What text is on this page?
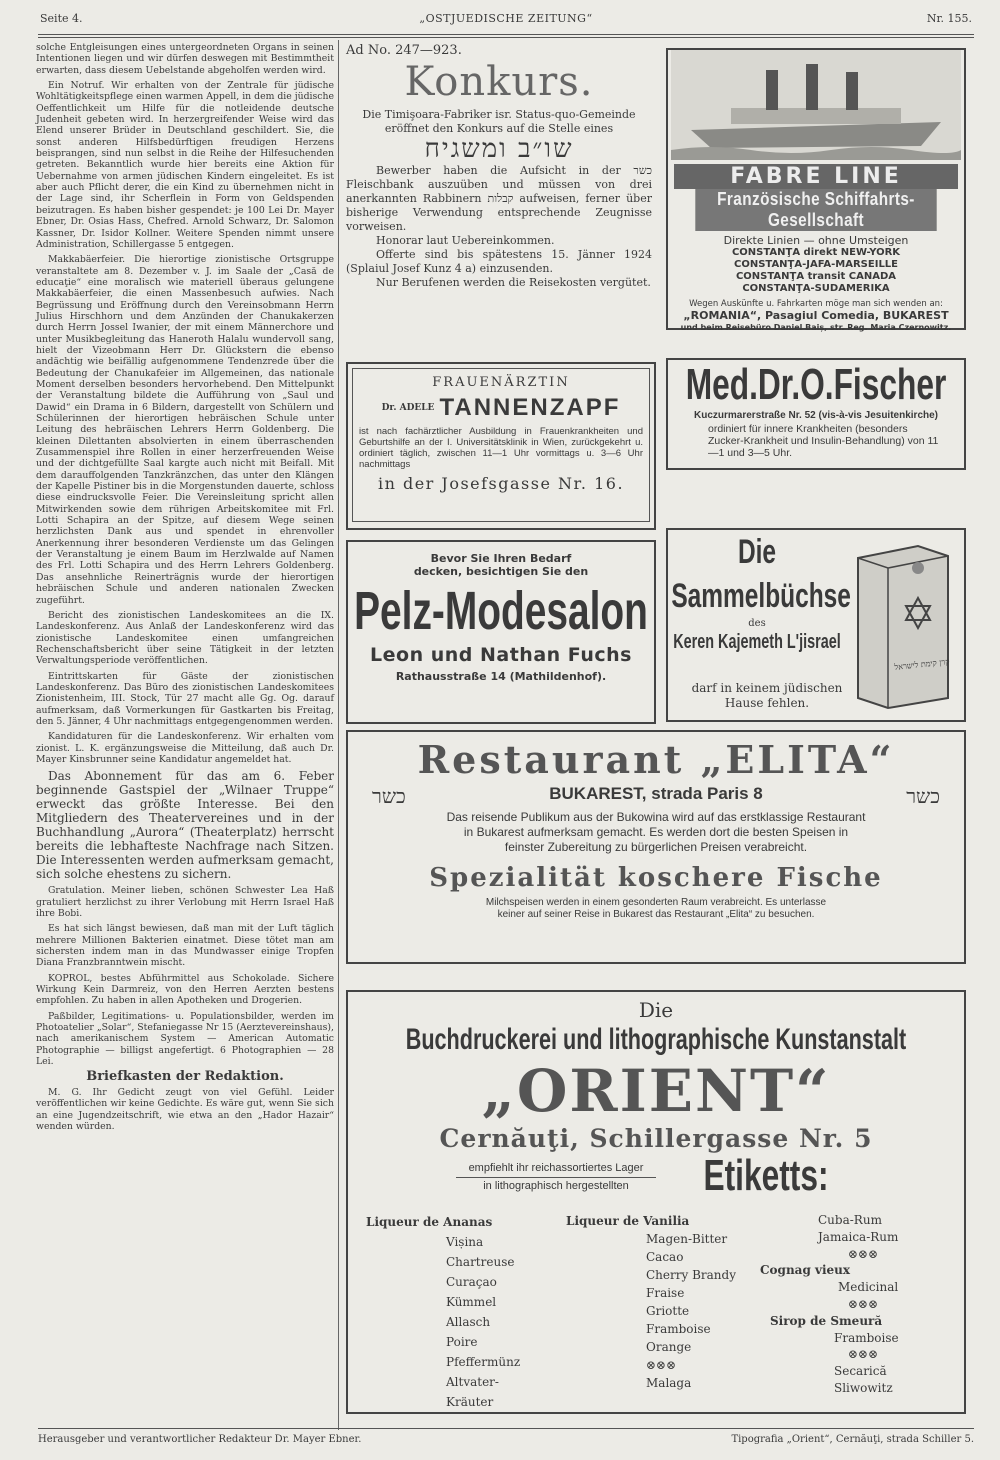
Seite 4.	„OSTJUEDISCHE ZEITUNG“	Nr. 155.

solche Entgleisungen eines untergeordneten Organs in seinen Intentionen liegen und wir dürfen deswegen mit Bestimmtheit erwarten, dass diesem Uebelstande abgeholfen werden wird.

Ein Notruf. Wir erhalten von der Zentrale für jüdische Wohltätigkeitspflege einen warmen Appell, in dem die jüdische Oeffentlichkeit um Hilfe für die notleidende deutsche Judenheit gebeten wird. In herzergreifender Weise wird das Elend unserer Brüder in Deutschland geschildert. Sie, die sonst anderen Hilfsbedürftigen freudigen Herzens beisprangen, sind nun selbst in die Reihe der Hilfesuchenden getreten. Bekanntlich wurde hier bereits eine Aktion für Uebernahme von armen jüdischen Kindern eingeleitet. Es ist aber auch Pflicht derer, die ein Kind zu übernehmen nicht in der Lage sind, ihr Scherflein in Form von Geldspenden beizutragen. Es haben bisher gespendet: je 100 Lei Dr. Mayer Ebner, Dr. Osias Hass, Chefred. Arnold Schwarz, Dr. Salomon Kassner, Dr. Isidor Kollner. Weitere Spenden nimmt unsere Administration, Schillergasse 5 entgegen.

Makkabäerfeier. Die hierortige zionistische Ortsgruppe veranstaltete am 8. Dezember v. J. im Saale der „Casă de educaţie“ eine moralisch wie materiell überaus gelungene Makkabäerfeier, die einen Massenbesuch aufwies. Nach Begrüssung und Eröffnung durch den Vereinsobmann Herrn Julius Hirschhorn und dem Anzünden der Chanukakerzen durch Herrn Jossel Iwanier, der mit einem Männerchore und unter Musikbegleitung das Haneroth Halalu wundervoll sang, hielt der Vizeobmann Herr Dr. Glückstern die ebenso andächtig wie beifällig aufgenommene Tendenzrede über die Bedeutung der Chanukafeier im Allgemeinen, das nationale Moment derselben besonders hervorhebend. Den Mittelpunkt der Veranstaltung bildete die Aufführung von „Saul und Dawid“ ein Drama in 6 Bildern, dargestellt von Schülern und Schülerinnen der hierortigen hebräischen Schule unter Leitung des hebräischen Lehrers Herrn Goldenberg. Die kleinen Dilettanten absolvierten in einem überraschenden Zusammenspiel ihre Rollen in einer herzerfreuenden Weise und der dichtgefüllte Saal kargte auch nicht mit Beifall. Mit dem darauffolgenden Tanzkränzchen, das unter den Klängen der Kapelle Pistiner bis in die Morgenstunden dauerte, schloss diese eindrucksvolle Feier. Die Vereinsleitung spricht allen Mitwirkenden sowie dem rührigen Arbeitskomitee mit Frl. Lotti Schapira an der Spitze, auf diesem Wege seinen herzlichsten Dank aus und spendet in ehrenvoller Anerkennung ihrer besonderen Verdienste um das Gelingen der Veranstaltung je einem Baum im Herzlwalde auf Namen des Frl. Lotti Schapira und des Herrn Lehrers Goldenberg. Das ansehnliche Reinerträgnis wurde der hierortigen hebräischen Schule und anderen nationalen Zwecken zugeführt.

Bericht des zionistischen Landeskomitees an die IX. Landeskonferenz. Aus Anlaß der Landeskonferenz wird das zionistische Landeskomitee einen umfangreichen Rechenschaftsbericht über seine Tätigkeit in der letzten Verwaltungsperiode veröffentlichen.

Eintrittskarten für Gäste der zionistischen Landeskonferenz. Das Büro des zionistischen Landeskomitees Zionistenheim, III. Stock, Tür 27 macht alle Gg. Og. darauf aufmerksam, daß Vormerkungen für Gastkarten bis Freitag, den 5. Jänner, 4 Uhr nachmittags entgegengenommen werden.

Kandidaturen für die Landeskonferenz. Wir erhalten vom zionist. L. K. ergänzungsweise die Mitteilung, daß auch Dr. Mayer Kinsbrunner seine Kandidatur angemeldet hat.

Das Abonnement für das am 6. Feber beginnende Gastspiel der „Wilnaer Truppe“ erweckt das größte Interesse. Bei den Mitgliedern des Theatervereines und in der Buchhandlung „Aurora“ (Theaterplatz) herrscht bereits die lebhafteste Nachfrage nach Sitzen. Die Interessenten werden aufmerksam gemacht, sich solche ehestens zu sichern.

Gratulation. Meiner lieben, schönen Schwester Lea Haß gratuliert herzlichst zu ihrer Verlobung mit Herrn Israel Haß ihre Bobi.

Es hat sich längst bewiesen, daß man mit der Luft täglich mehrere Millionen Bakterien einatmet. Diese tötet man am sichersten indem man in das Mundwasser einige Tropfen Diana Franzbranntwein mischt.

KOPROL, bestes Abführmittel aus Schokolade. Sichere Wirkung Kein Darmreiz, von den Herren Aerzten bestens empfohlen. Zu haben in allen Apotheken und Drogerien.

Paßbilder, Legitimations- u. Populationsbilder, werden im Photoatelier „Solar“, Stefaniegasse Nr 15 (Aerztevereinshaus), nach amerikanischem System — American Automatic Photographie — billigst angefertigt. 6 Photographien — 28 Lei.

Briefkasten der Redaktion.

M. G. Ihr Gedicht zeugt von viel Gefühl. Leider veröffentlichen wir keine Gedichte. Es wäre gut, wenn Sie sich an eine Jugendzeitschrift, wie etwa an den „Hador Hazair“ wenden würden.

Ad No. 247—923.
Konkurs.

Die Timişoara-Fabriker isr. Status-quo-Gemeinde eröffnet den Konkurs auf die Stelle eines

שו״ב ומשגיח

Bewerber haben die Aufsicht in der כשר Fleischbank auszuüben und müssen von drei anerkannten Rabbinern קבלות aufweisen, ferner über bisherige Verwendung entsprechende Zeugnisse vorweisen.

Honorar laut Uebereinkommen.

Offerte sind bis spätestens 15. Jänner 1924 (Splaiul Josef Kunz 4 a) einzusenden.

Nur Berufenen werden die Reisekosten vergütet.

FABRE LINE
Französische Schiffahrts-Gesellschaft
Direkte Linien — ohne Umsteigen
CONSTANŢA direkt NEW-YORK
CONSTANŢA-JAFA-MARSEILLE
CONSTANŢA transit CANADA
CONSTANŢA-SUDAMERIKA
Wegen Auskünfte u. Fahrkarten möge man sich wenden an:
„ROMANIA“, Pasagiul Comedia, BUKAREST
und beim Reisebüro Daniel Baiș, str. Reg. Maria Czernowitz.
FRAUENÄRZTIN
Dr. ADELE TANNENZAPF
ist nach fachärztlicher Ausbildung in Frauenkrankheiten und Geburtshilfe an der I. Universitätsklinik in Wien, zurückgekehrt u. ordiniert täglich, zwischen 11—1 Uhr vormittags u. 3—6 Uhr nachmittags
in der Josefsgasse Nr. 16.
Med.Dr.O.Fischer
Kuczurmarerstraße Nr. 52 (vis-à-vis Jesuitenkirche)
ordiniert für innere Krankheiten (besonders Zucker-Krankheit und Insulin-Behandlung) von 11—1 und 3—5 Uhr.
Bevor Sie Ihren Bedarf decken, besichtigen Sie den
Pelz-Modesalon
Leon und Nathan Fuchs
Rathausstraße 14 (Mathildenhof).
Die Sammelbüchse
des
Keren Kajemeth L'jisrael
darf in keinem jüdischen Hause fehlen.
קרן קימת לישראל
Restaurant „ELITA“
כשר	BUKAREST, strada Paris 8	כשר
Das reisende Publikum aus der Bukowina wird auf das erstklassige Restaurant in Bukarest aufmerksam gemacht. Es werden dort die besten Speisen in feinster Zubereitung zu bürgerlichen Preisen verabreicht.
Spezialität koschere Fische
Milchspeisen werden in einem gesonderten Raum verabreicht. Es unterlasse keiner auf seiner Reise in Bukarest das Restaurant „Elita“ zu besuchen.
Die
Buchdruckerei und lithographische Kunstanstalt
„ORIENT“
Cernăuţi, Schillergasse Nr. 5
empfiehlt ihr reichassortiertes Lager
in lithographisch hergestellten	Etiketts:
Liqueur de Ananas
Viṣina
Chartreuse
Curaçao
Kümmel
Allasch
Poire
Pfeffermünz
Altvater-Kräuter
Liqueur de Vanilia
Magen-Bitter
Cacao
Cherry Brandy
Fraise
Griotte
Framboise
Orange
⊗⊗⊗
Malaga
Cuba-Rum
Jamaica-Rum
⊗⊗⊗
Cognag vieux
Medicinal
⊗⊗⊗
Sirop de Smeură
Framboise
⊗⊗⊗
Secarică
Sliwowitz
Herausgeber und verantwortlicher Redakteur Dr. Mayer Ebner.	Tipografia „Orient“, Cernăuţi, strada Schiller 5.
